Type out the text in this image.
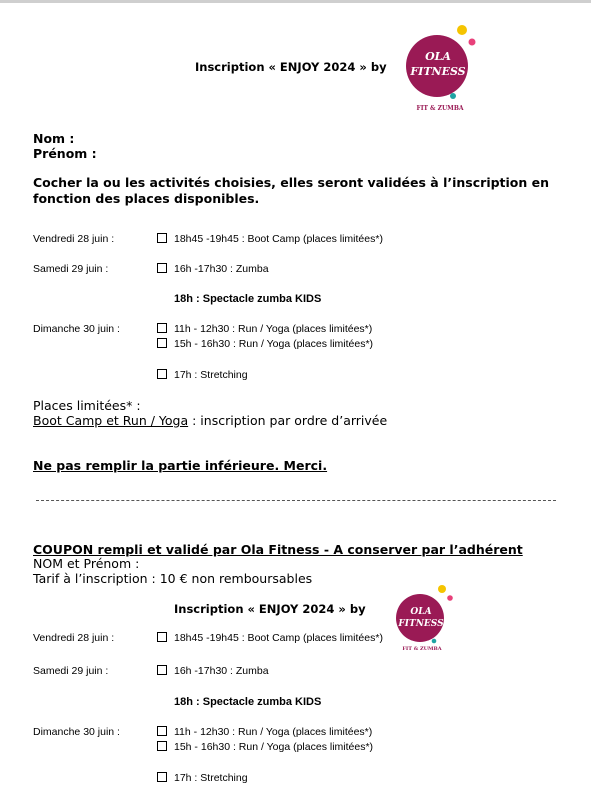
Inscription « ENJOY 2024 » by
OLA
FITNESS
FIT & ZUMBA
Nom :
Prénom :
Cocher la ou les activités choisies, elles seront validées à l’inscription en fonction des places disponibles.
Vendredi 28 juin :	18h45 -19h45 : Boot Camp (places limitées*)
Samedi 29 juin :	16h -17h30 : Zumba
18h : Spectacle zumba KIDS
Dimanche 30 juin :	11h - 12h30 : Run / Yoga (places limitées*)
15h - 16h30 : Run / Yoga (places limitées*)
17h : Stretching
Places limitées* :
Boot Camp et Run / Yoga : inscription par ordre d’arrivée
Ne pas remplir la partie inférieure. Merci.
COUPON rempli et validé par Ola Fitness - A conserver par l’adhérent
NOM et Prénom :
Tarif à l’inscription : 10 € non remboursables
Inscription « ENJOY 2024 » by	OLA
FITNESS
FIT & ZUMBA
Vendredi 28 juin :	18h45 -19h45 : Boot Camp (places limitées*)
Samedi 29 juin :	16h -17h30 : Zumba
18h : Spectacle zumba KIDS
Dimanche 30 juin :	11h - 12h30 : Run / Yoga (places limitées*)
15h - 16h30 : Run / Yoga (places limitées*)
17h : Stretching
